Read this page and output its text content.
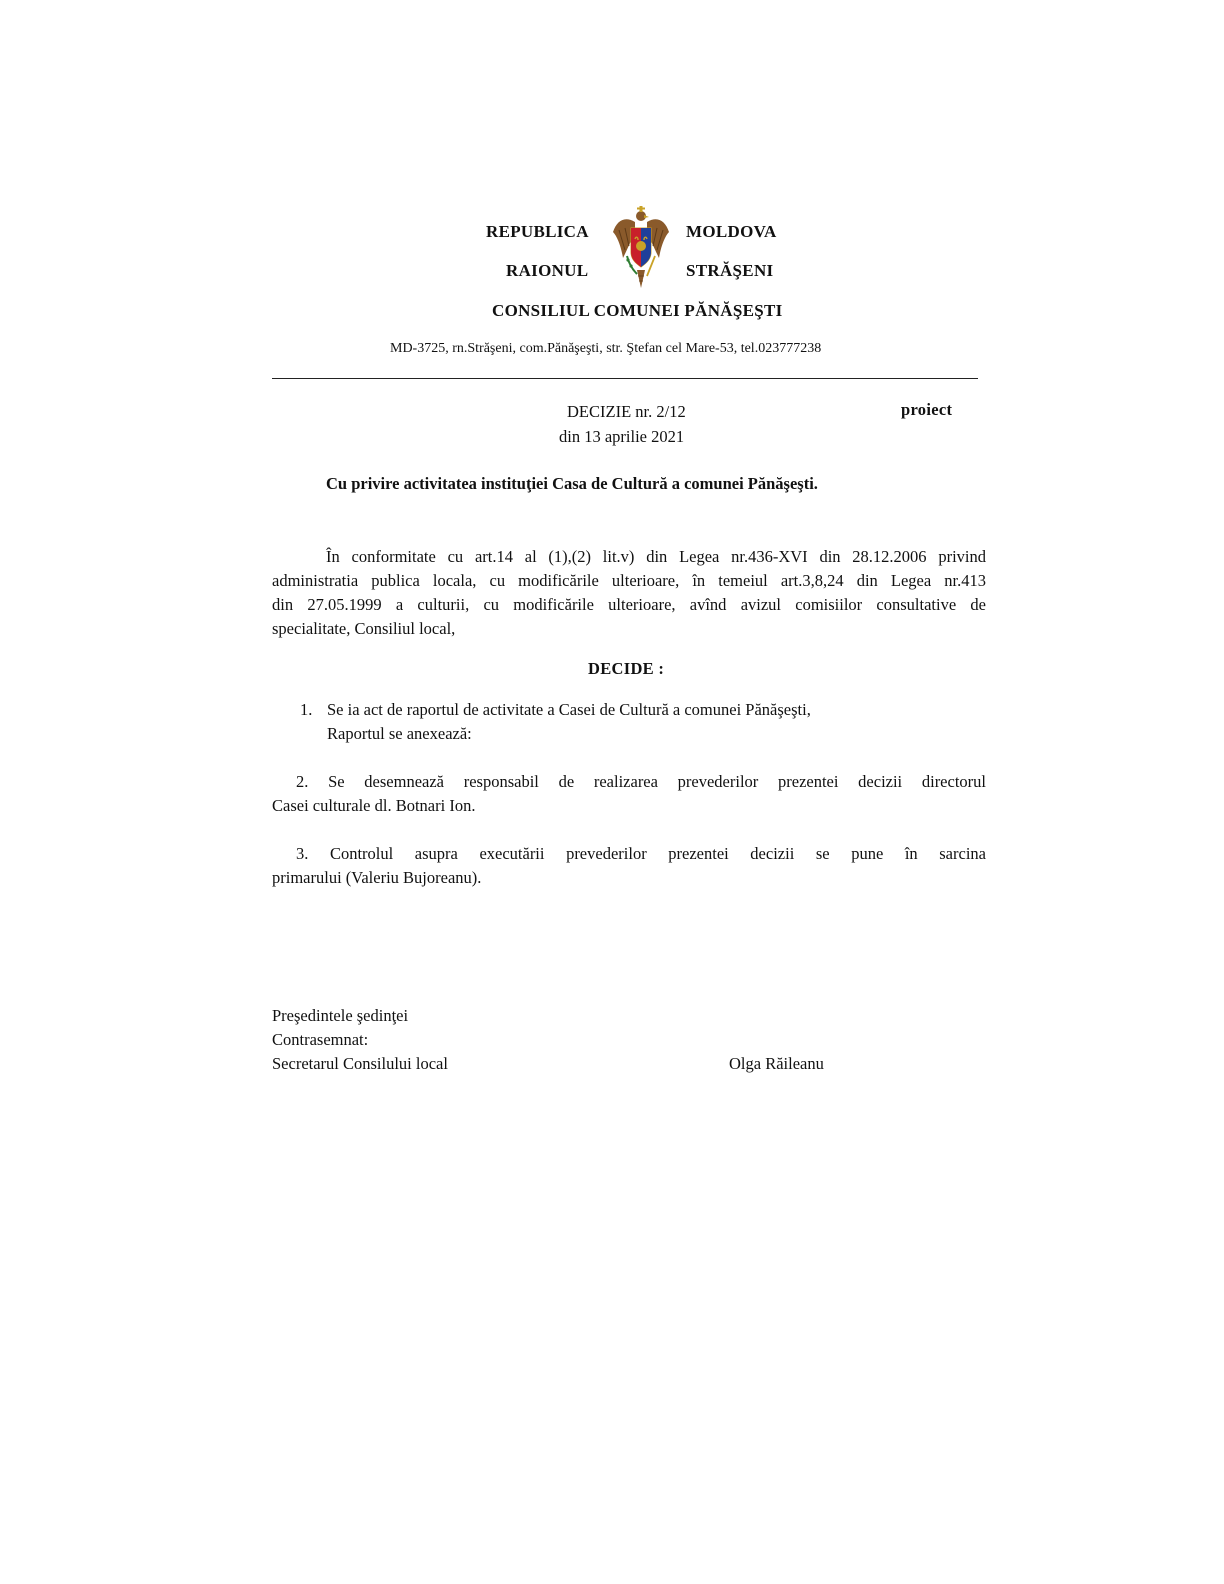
REPUBLICA	MOLDOVA
RAIONUL	STRĂŞENI
CONSILIUL COMUNEI PĂNĂŞEŞTI
MD-3725, rn.Străşeni, com.Pănăşeşti, str. Ştefan cel Mare-53, tel.023777238
DECIZIE nr. 2/12	proiect
din 13 aprilie 2021
Cu privire activitatea instituţiei Casa de Cultură a comunei Pănăşeşti.
În conformitate cu art.14 al (1),(2) lit.v) din Legea nr.436-XVI din 28.12.2006 privind
administratia publica locala, cu modificările ulterioare, în temeiul art.3,8,24 din Legea nr.413
din 27.05.1999 a culturii, cu modificările ulterioare, avînd avizul comisiilor consultative de
specialitate, Consiliul local,
DECIDE :
1. Se ia act de raportul de activitate a Casei de Cultură a comunei Pănăşeşti,
Raportul se anexează:
2. Se desemnează responsabil de realizarea prevederilor prezentei decizii directorul
Casei culturale dl. Botnari Ion.
3. Controlul asupra executării prevederilor prezentei decizii se pune în sarcina
primarului (Valeriu Bujoreanu).
Preşedintele şedinţei
Contrasemnat:
Secretarul Consilului local	Olga Răileanu
